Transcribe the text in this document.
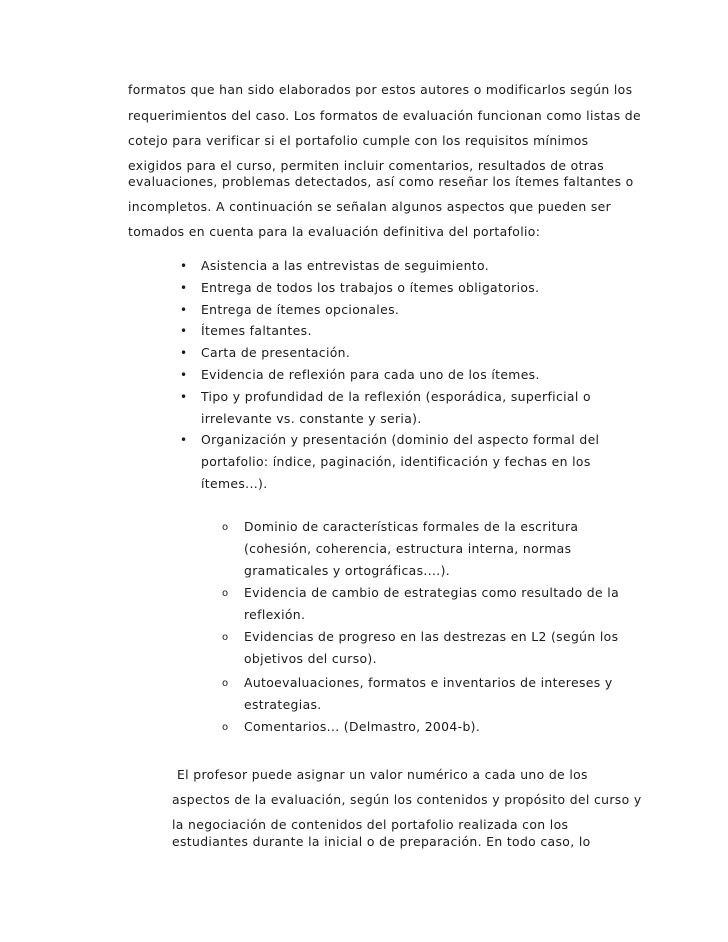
formatos que han sido elaborados por estos autores o modificarlos según los
requerimientos del caso. Los formatos de evaluación funcionan como listas de
cotejo para verificar si el portafolio cumple con los requisitos mínimos
exigidos para el curso, permiten incluir comentarios, resultados de otras
evaluaciones, problemas detectados, así como reseñar los ítemes faltantes o
incompletos. A continuación se señalan algunos aspectos que pueden ser
tomados en cuenta para la evaluación definitiva del portafolio:
• Asistencia a las entrevistas de seguimiento.
• Entrega de todos los trabajos o ítemes obligatorios.
• Entrega de ítemes opcionales.
• Ítemes faltantes.
• Carta de presentación.
• Evidencia de reflexión para cada uno de los ítemes.
• Tipo y profundidad de la reflexión (esporádica, superficial o
irrelevante vs. constante y seria).
• Organización y presentación (dominio del aspecto formal del
portafolio: índice, paginación, identificación y fechas en los
ítemes...).
o Dominio de características formales de la escritura
(cohesión, coherencia, estructura interna, normas
gramaticales y ortográficas....).
o Evidencia de cambio de estrategias como resultado de la
reflexión.
o Evidencias de progreso en las destrezas en L2 (según los
objetivos del curso).
o Autoevaluaciones, formatos e inventarios de intereses y
estrategias.
o Comentarios... (Delmastro, 2004-b).
El profesor puede asignar un valor numérico a cada uno de los
aspectos de la evaluación, según los contenidos y propósito del curso y
la negociación de contenidos del portafolio realizada con los
estudiantes durante la inicial o de preparación. En todo caso, lo
